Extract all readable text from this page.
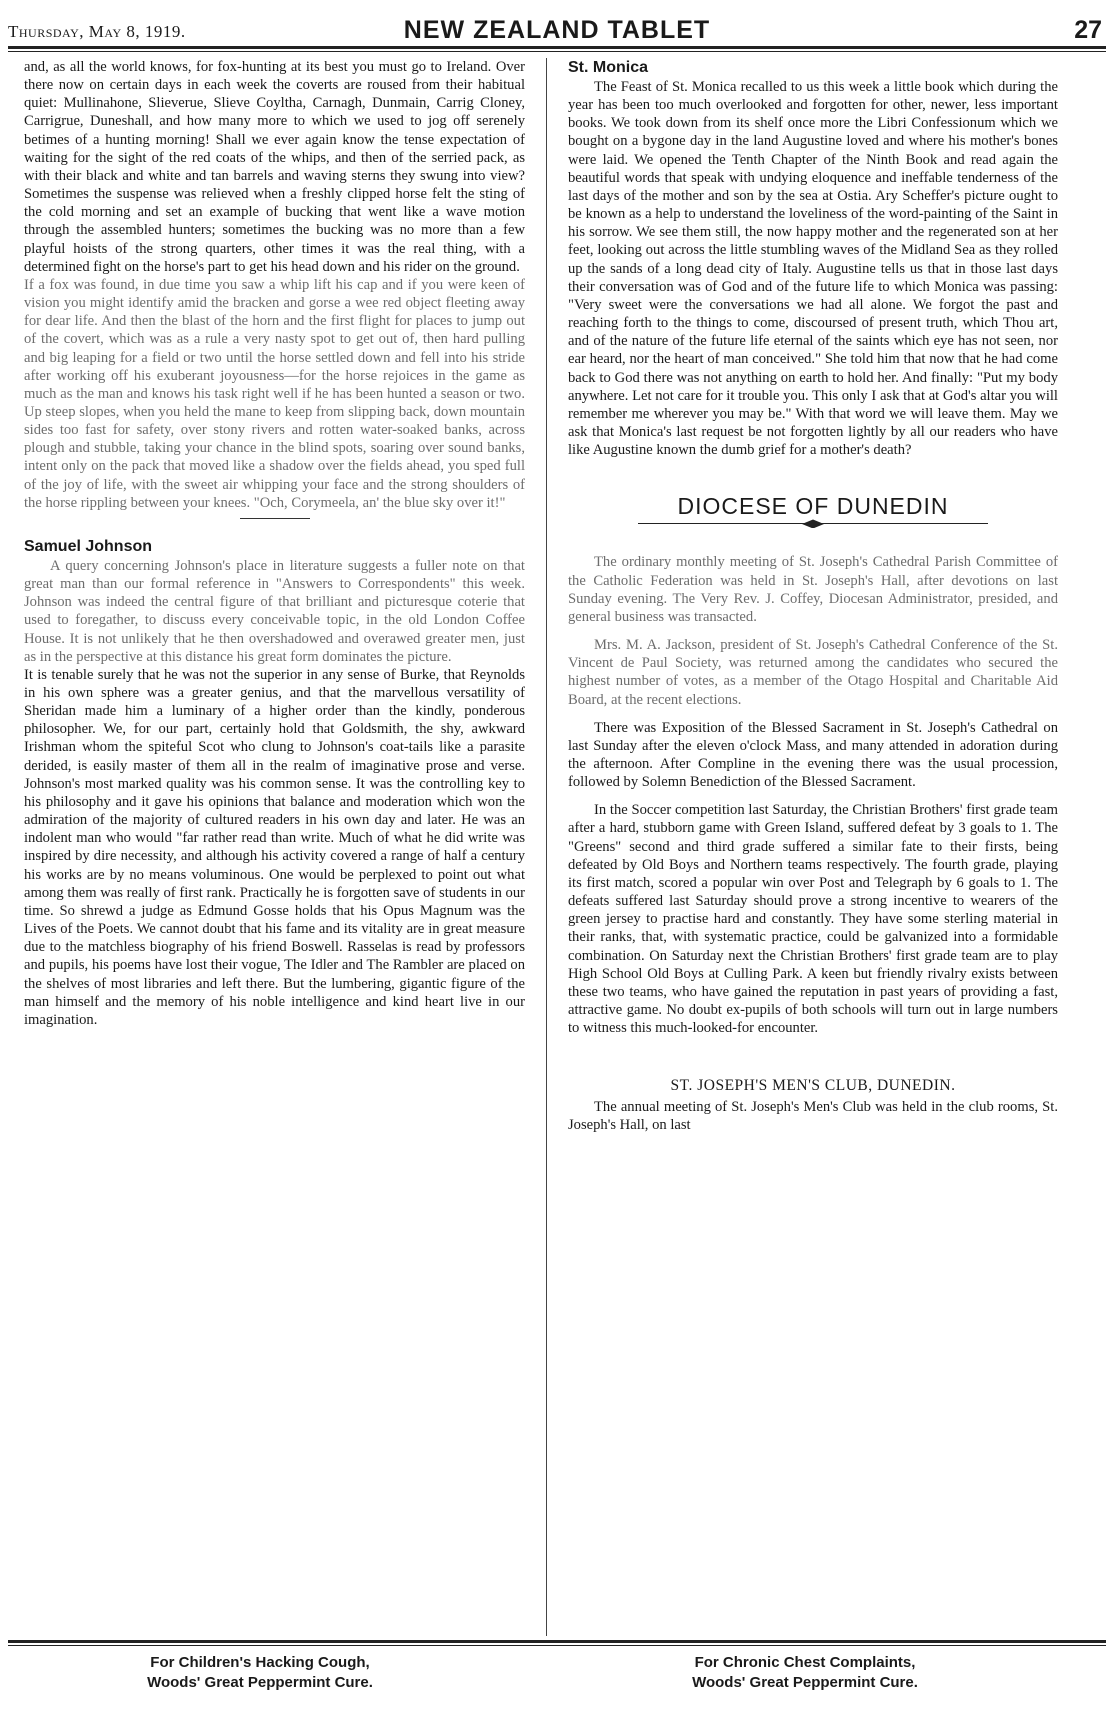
Thursday, May 8, 1919.	NEW ZEALAND TABLET	27

and, as all the world knows, for fox-hunting at its best you must go to Ireland. Over there now on certain days in each week the coverts are roused from their habitual quiet: Mullinahone, Slieverue, Slieve Coyltha, Carnagh, Dunmain, Carrig Cloney, Carrigrue, Duneshall, and how many more to which we used to jog off serenely betimes of a hunting morning! Shall we ever again know the tense expectation of waiting for the sight of the red coats of the whips, and then of the serried pack, as with their black and white and tan barrels and waving sterns they swung into view? Sometimes the suspense was relieved when a freshly clipped horse felt the sting of the cold morning and set an example of bucking that went like a wave motion through the assembled hunters; sometimes the bucking was no more than a few playful hoists of the strong quarters, other times it was the real thing, with a determined fight on the horse's part to get his head down and his rider on the ground.

If a fox was found, in due time you saw a whip lift his cap and if you were keen of vision you might identify amid the bracken and gorse a wee red object fleeting away for dear life. And then the blast of the horn and the first flight for places to jump out of the covert, which was as a rule a very nasty spot to get out of, then hard pulling and big leaping for a field or two until the horse settled down and fell into his stride after working off his exuberant joyousness—for the horse rejoices in the game as much as the man and knows his task right well if he has been hunted a season or two. Up steep slopes, when you held the mane to keep from slipping back, down mountain sides too fast for safety, over stony rivers and rotten water-soaked banks, across plough and stubble, taking your chance in the blind spots, soaring over sound banks, intent only on the pack that moved like a shadow over the fields ahead, you sped full of the joy of life, with the sweet air whipping your face and the strong shoulders of the horse rippling between your knees. "Och, Corymeela, an' the blue sky over it!"

Samuel Johnson

A query concerning Johnson's place in literature suggests a fuller note on that great man than our formal reference in "Answers to Correspondents" this week. Johnson was indeed the central figure of that brilliant and picturesque coterie that used to foregather, to discuss every conceivable topic, in the old London Coffee House. It is not unlikely that he then overshadowed and overawed greater men, just as in the perspective at this distance his great form dominates the picture.

It is tenable surely that he was not the superior in any sense of Burke, that Reynolds in his own sphere was a greater genius, and that the marvellous versatility of Sheridan made him a luminary of a higher order than the kindly, ponderous philosopher. We, for our part, certainly hold that Goldsmith, the shy, awkward Irishman whom the spiteful Scot who clung to Johnson's coat-tails like a parasite derided, is easily master of them all in the realm of imaginative prose and verse. Johnson's most marked quality was his common sense. It was the controlling key to his philosophy and it gave his opinions that balance and moderation which won the admiration of the majority of cultured readers in his own day and later. He was an indolent man who would "far rather read than write. Much of what he did write was inspired by dire necessity, and although his activity covered a range of half a century his works are by no means voluminous. One would be perplexed to point out what among them was really of first rank. Practically he is forgotten save of students in our time. So shrewd a judge as Edmund Gosse holds that his Opus Magnum was the Lives of the Poets. We cannot doubt that his fame and its vitality are in great measure due to the matchless biography of his friend Boswell. Rasselas is read by professors and pupils, his poems have lost their vogue, The Idler and The Rambler are placed on the shelves of most libraries and left there. But the lumbering, gigantic figure of the man himself and the memory of his noble intelligence and kind heart live in our imagination.

St. Monica

The Feast of St. Monica recalled to us this week a little book which during the year has been too much overlooked and forgotten for other, newer, less important books. We took down from its shelf once more the Libri Confessionum which we bought on a bygone day in the land Augustine loved and where his mother's bones were laid. We opened the Tenth Chapter of the Ninth Book and read again the beautiful words that speak with undying eloquence and ineffable tenderness of the last days of the mother and son by the sea at Ostia. Ary Scheffer's picture ought to be known as a help to understand the loveliness of the word-painting of the Saint in his sorrow. We see them still, the now happy mother and the regenerated son at her feet, looking out across the little stumbling waves of the Midland Sea as they rolled up the sands of a long dead city of Italy. Augustine tells us that in those last days their conversation was of God and of the future life to which Monica was passing: "Very sweet were the conversations we had all alone. We forgot the past and reaching forth to the things to come, discoursed of present truth, which Thou art, and of the nature of the future life eternal of the saints which eye has not seen, nor ear heard, nor the heart of man conceived." She told him that now that he had come back to God there was not anything on earth to hold her. And finally: "Put my body anywhere. Let not care for it trouble you. This only I ask that at God's altar you will remember me wherever you may be." With that word we will leave them. May we ask that Monica's last request be not forgotten lightly by all our readers who have like Augustine known the dumb grief for a mother's death?

DIOCESE OF DUNEDIN

The ordinary monthly meeting of St. Joseph's Cathedral Parish Committee of the Catholic Federation was held in St. Joseph's Hall, after devotions on last Sunday evening. The Very Rev. J. Coffey, Diocesan Administrator, presided, and general business was transacted.

Mrs. M. A. Jackson, president of St. Joseph's Cathedral Conference of the St. Vincent de Paul Society, was returned among the candidates who secured the highest number of votes, as a member of the Otago Hospital and Charitable Aid Board, at the recent elections.

There was Exposition of the Blessed Sacrament in St. Joseph's Cathedral on last Sunday after the eleven o'clock Mass, and many attended in adoration during the afternoon. After Compline in the evening there was the usual procession, followed by Solemn Benediction of the Blessed Sacrament.

In the Soccer competition last Saturday, the Christian Brothers' first grade team after a hard, stubborn game with Green Island, suffered defeat by 3 goals to 1. The "Greens" second and third grade suffered a similar fate to their firsts, being defeated by Old Boys and Northern teams respectively. The fourth grade, playing its first match, scored a popular win over Post and Telegraph by 6 goals to 1. The defeats suffered last Saturday should prove a strong incentive to wearers of the green jersey to practise hard and constantly. They have some sterling material in their ranks, that, with systematic practice, could be galvanized into a formidable combination. On Saturday next the Christian Brothers' first grade team are to play High School Old Boys at Culling Park. A keen but friendly rivalry exists between these two teams, who have gained the reputation in past years of providing a fast, attractive game. No doubt ex-pupils of both schools will turn out in large numbers to witness this much-looked-for encounter.

ST. JOSEPH'S MEN'S CLUB, DUNEDIN.

The annual meeting of St. Joseph's Men's Club was held in the club rooms, St. Joseph's Hall, on last

For Children's Hacking Cough,
Woods' Great Peppermint Cure.
For Chronic Chest Complaints,
Woods' Great Peppermint Cure.
